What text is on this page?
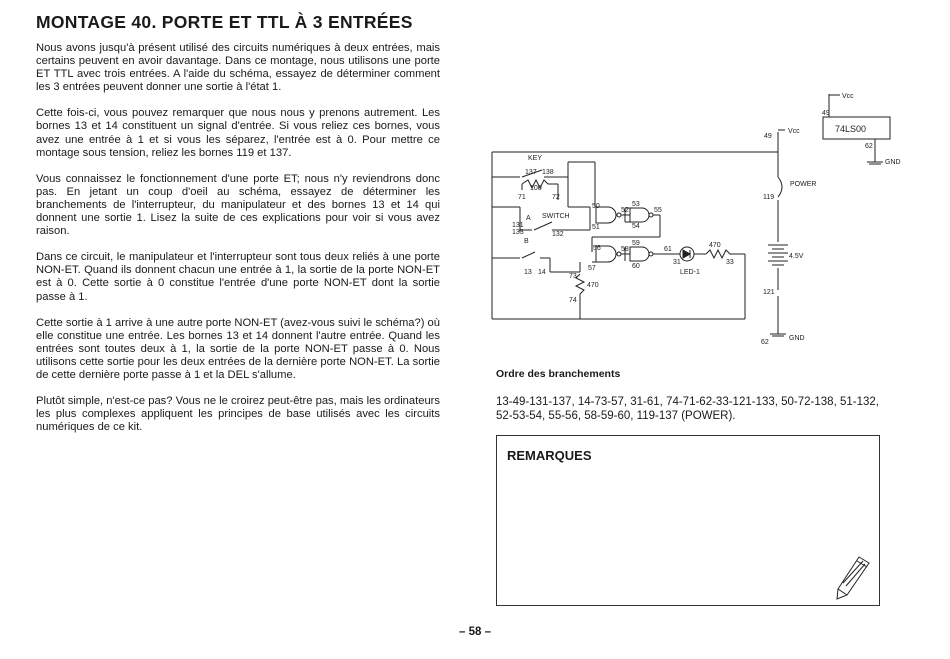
MONTAGE 40. PORTE ET TTL À 3 ENTRÉES

Nous avons jusqu'à présent utilisé des circuits numériques à deux entrées, mais certains peuvent en avoir davantage. Dans ce montage, nous utilisons une porte ET TTL avec trois entrées. A l'aide du schéma, essayez de déterminer comment les 3 entrées peuvent donner une sortie à l'état 1.

Cette fois-ci, vous pouvez remarquer que nous nous y prenons autrement. Les bornes 13 et 14 constituent un signal d'entrée. Si vous reliez ces bornes, vous avez une entrée à 1 et si vous les séparez, l'entrée est à 0. Pour mettre ce montage sous tension, reliez les bornes 119 et 137.

Vous connaissez le fonctionnement d'une porte ET; nous n'y reviendrons donc pas. En jetant un coup d'oeil au schéma, essayez de déterminer les branchements de l'interrupteur, du manipulateur et des bornes 13 et 14 qui donnent une sortie 1. Lisez la suite de ces explications pour voir si vous avez raison.

Dans ce circuit, le manipulateur et l'interrupteur sont tous deux reliés à une porte NON-ET. Quand ils donnent chacun une entrée à 1, la sortie de la porte NON-ET est à 0. Cette sortie à 0 constitue l'entrée d'une porte NON-ET dont la sortie passe à 1.

Cette sortie à 1 arrive à une autre porte NON-ET (avez-vous suivi le schéma?) où elle constitue une entrée. Les bornes 13 et 14 donnent l'autre entrée. Quand les entrées sont toutes deux à 1, la sortie de la porte NON-ET passe à 0. Nous utilisons cette sortie pour les deux entrées de la dernière porte NON-ET. La sortie de cette dernière porte passe à 1 et la DEL s'allume.

Plutôt simple, n'est-ce pas? Vous ne le croirez peut-être pas, mais les ordinateurs les plus complexes appliquent les principes de base utilisés avec les circuits numériques de ce kit.

Vcc
49
74LS00
62
GND
Vcc
49
KEY
POWER
119
4.5V
121
62
GND
137 138
100
71	72
A SWITCH
131
133	132
B
50
51
52
53
54
55
56
57
58
59
60
61
31	33
470
LED-1
13 14
73
470
74
Ordre des branchements
13-49-131-137, 14-73-57, 31-61, 74-71-62-33-121-133, 50-72-138, 51-132, 52-53-54, 55-56, 58-59-60, 119-137 (POWER).
REMARQUES
– 58 –
